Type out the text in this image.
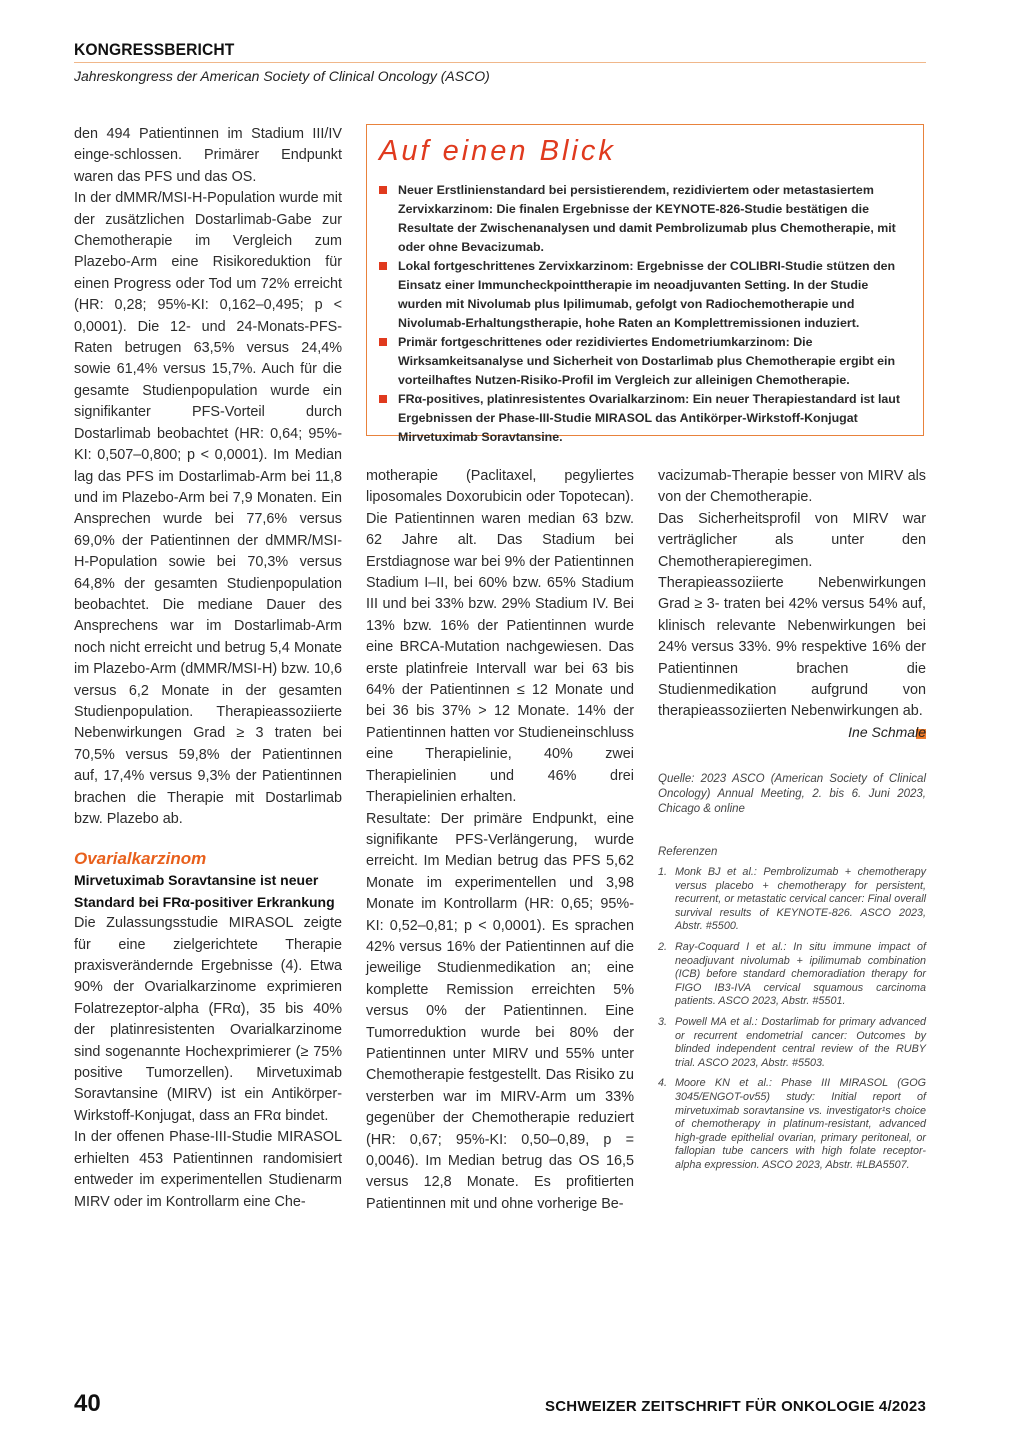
KONGRESSBERICHT
Jahreskongress der American Society of Clinical Oncology (ASCO)

den 494 Patientinnen im Stadium III/IV einge-schlossen. Primärer Endpunkt waren das PFS und das OS.

In der dMMR/MSI-H-Population wurde mit der zusätzlichen Dostarlimab-Gabe zur Chemotherapie im Vergleich zum Plazebo-Arm eine Risikoreduktion für einen Progress oder Tod um 72% erreicht (HR: 0,28; 95%-KI: 0,162–0,495; p < 0,0001). Die 12- und 24-Monats-PFS-Raten betrugen 63,5% versus 24,4% sowie 61,4% versus 15,7%. Auch für die gesamte Studienpopulation wurde ein signifikanter PFS-Vorteil durch Dostarlimab beobachtet (HR: 0,64; 95%-KI: 0,507–0,800; p < 0,0001). Im Median lag das PFS im Dostarlimab-Arm bei 11,8 und im Plazebo-Arm bei 7,9 Monaten. Ein Ansprechen wurde bei 77,6% versus 69,0% der Patientinnen der dMMR/MSI-H-Population sowie bei 70,3% versus 64,8% der gesamten Studienpopulation beobachtet. Die mediane Dauer des Ansprechens war im Dostarlimab-Arm noch nicht erreicht und betrug 5,4 Monate im Plazebo-Arm (dMMR/MSI-H) bzw. 10,6 versus 6,2 Monate in der gesamten Studienpopulation. Therapieassoziierte Nebenwirkungen Grad ≥ 3 traten bei 70,5% versus 59,8% der Patientinnen auf, 17,4% versus 9,3% der Patientinnen brachen die Therapie mit Dostarlimab bzw. Plazebo ab.

Ovarialkarzinom
Mirvetuximab Soravtansine ist neuer Standard bei FRα-positiver Erkrankung

Die Zulassungsstudie MIRASOL zeigte für eine zielgerichtete Therapie praxisverändernde Ergebnisse (4). Etwa 90% der Ovarialkarzinome exprimieren Folatrezeptor-alpha (FRα), 35 bis 40% der platinresistenten Ovarialkarzinome sind sogenannte Hochexprimierer (≥ 75% positive Tumorzellen). Mirvetuximab Soravtansine (MIRV) ist ein Antikörper-Wirkstoff-Konjugat, dass an FRα bindet.

In der offenen Phase-III-Studie MIRASOL erhielten 453 Patientinnen randomisiert entweder im experimentellen Studienarm MIRV oder im Kontrollarm eine Che-

Auf einen Blick
Neuer Erstlinienstandard bei persistierendem, rezidiviertem oder metastasiertem Zervixkarzinom: Die finalen Ergebnisse der KEYNOTE-826-Studie bestätigen die Resultate der Zwischenanalysen und damit Pembrolizumab plus Chemotherapie, mit oder ohne Bevacizumab.
Lokal fortgeschrittenes Zervixkarzinom: Ergebnisse der COLIBRI-Studie stützen den Einsatz einer Immuncheckpointtherapie im neoadjuvanten Setting. In der Studie wurden mit Nivolumab plus Ipilimumab, gefolgt von Radiochemotherapie und Nivolumab-Erhaltungstherapie, hohe Raten an Komplettremissionen induziert.
Primär fortgeschrittenes oder rezidiviertes Endometriumkarzinom: Die Wirksamkeitsanalyse und Sicherheit von Dostarlimab plus Chemotherapie ergibt ein vorteilhaftes Nutzen-Risiko-Profil im Vergleich zur alleinigen Chemotherapie.
FRα-positives, platinresistentes Ovarialkarzinom: Ein neuer Therapiestandard ist laut Ergebnissen der Phase-III-Studie MIRASOL das Antikörper-Wirkstoff-Konjugat Mirvetuximab Soravtansine.

motherapie (Paclitaxel, pegyliertes liposomales Doxorubicin oder Topotecan). Die Patientinnen waren median 63 bzw. 62 Jahre alt. Das Stadium bei Erstdiagnose war bei 9% der Patientinnen Stadium I–II, bei 60% bzw. 65% Stadium III und bei 33% bzw. 29% Stadium IV. Bei 13% bzw. 16% der Patientinnen wurde eine BRCA-Mutation nachgewiesen. Das erste platinfreie Intervall war bei 63 bis 64% der Patientinnen ≤ 12 Monate und bei 36 bis 37% > 12 Monate. 14% der Patientinnen hatten vor Studieneinschluss eine Therapielinie, 40% zwei Therapielinien und 46% drei Therapielinien erhalten.

Resultate: Der primäre Endpunkt, eine signifikante PFS-Verlängerung, wurde erreicht. Im Median betrug das PFS 5,62 Monate im experimentellen und 3,98 Monate im Kontrollarm (HR: 0,65; 95%-KI: 0,52–0,81; p < 0,0001). Es sprachen 42% versus 16% der Patientinnen auf die jeweilige Studienmedikation an; eine komplette Remission erreichten 5% versus 0% der Patientinnen. Eine Tumorreduktion wurde bei 80% der Patientinnen unter MIRV und 55% unter Chemotherapie festgestellt. Das Risiko zu versterben war im MIRV-Arm um 33% gegenüber der Chemotherapie reduziert (HR: 0,67; 95%-KI: 0,50–0,89, p = 0,0046). Im Median betrug das OS 16,5 versus 12,8 Monate. Es profitierten Patientinnen mit und ohne vorherige Be-

vacizumab-Therapie besser von MIRV als von der Chemotherapie.

Das Sicherheitsprofil von MIRV war verträglicher als unter den Chemotherapieregimen. Therapieassoziierte Nebenwirkungen Grad ≥ 3- traten bei 42% versus 54% auf, klinisch relevante Nebenwirkungen bei 24% versus 33%. 9% respektive 16% der Patientinnen brachen die Studienmedikation aufgrund von therapieassoziierten Nebenwirkungen ab.

Ine Schmale
Quelle: 2023 ASCO (American Society of Clinical Oncology) Annual Meeting, 2. bis 6. Juni 2023, Chicago & online
Referenzen
1. Monk BJ et al.: Pembrolizumab + chemotherapy versus placebo + chemotherapy for persistent, recurrent, or metastatic cervical cancer: Final overall survival results of KEYNOTE-826. ASCO 2023, Abstr. #5500.
2. Ray-Coquard I et al.: In situ immune impact of neoadjuvant nivolumab + ipilimumab combination (ICB) before standard chemoradiation therapy for FIGO IB3-IVA cervical squamous carcinoma patients. ASCO 2023, Abstr. #5501.
3. Powell MA et al.: Dostarlimab for primary advanced or recurrent endometrial cancer: Outcomes by blinded independent central review of the RUBY trial. ASCO 2023, Abstr. #5503.
4. Moore KN et al.: Phase III MIRASOL (GOG 3045/ENGOT-ov55) study: Initial report of mirvetuximab soravtansine vs. investigator¹s choice of chemotherapy in platinum-resistant, advanced high-grade epithelial ovarian, primary peritoneal, or fallopian tube cancers with high folate receptor-alpha expression. ASCO 2023, Abstr. #LBA5507.
40	SCHWEIZER ZEITSCHRIFT FÜR ONKOLOGIE 4/2023
